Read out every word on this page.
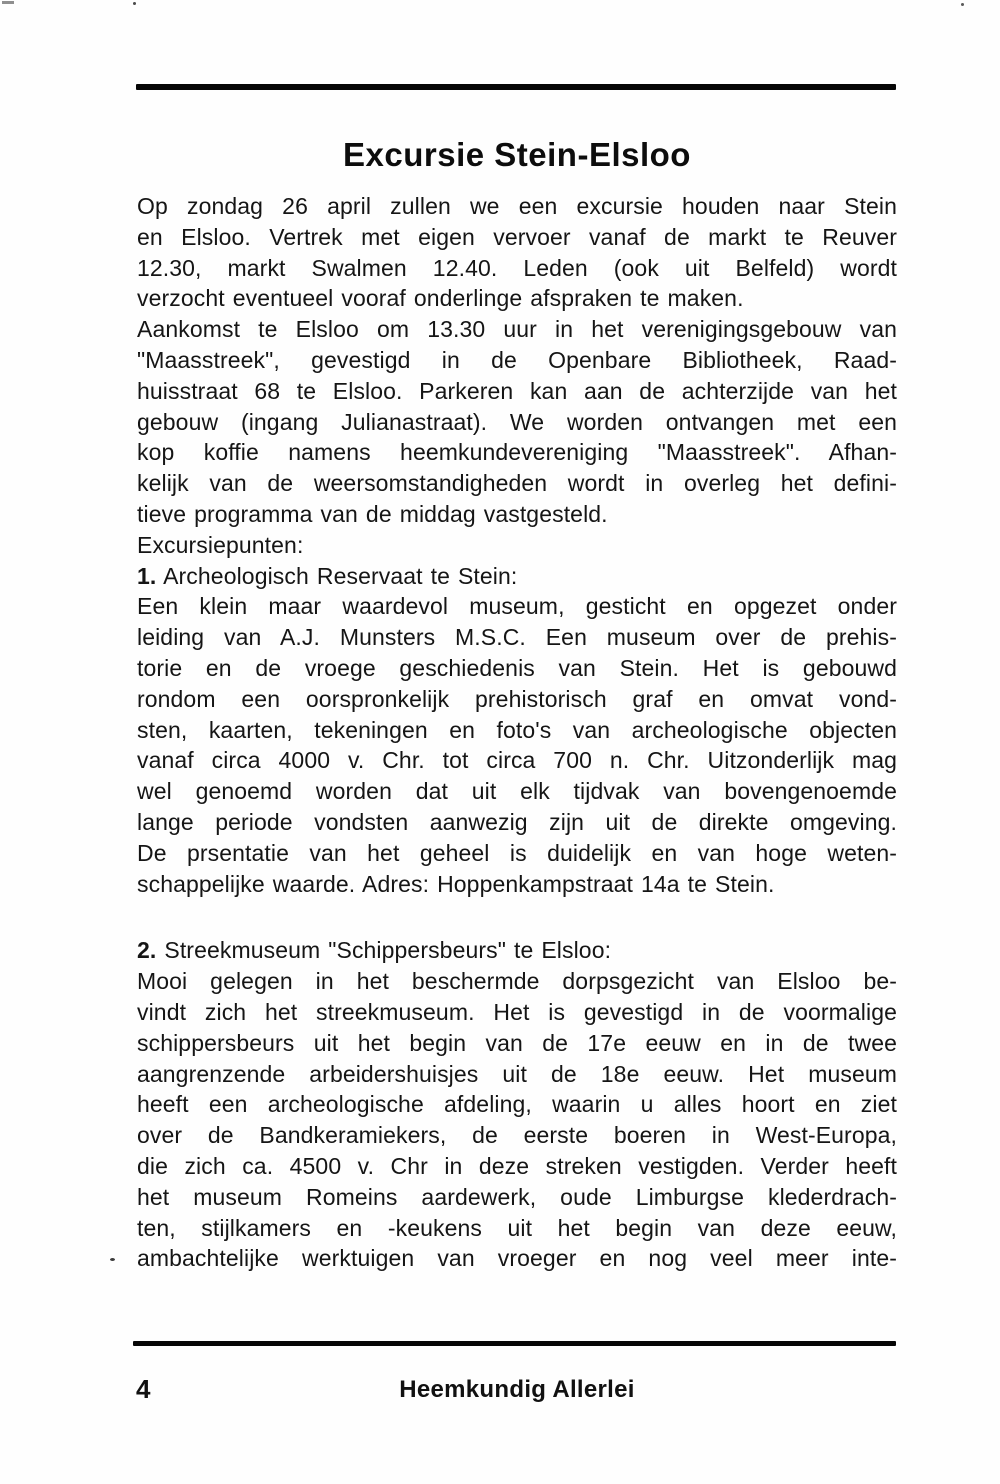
Excursie Stein-Elsloo
Op zondag 26 april zullen we een excursie houden naar Stein
en Elsloo. Vertrek met eigen vervoer vanaf de markt te Reuver
12.30, markt Swalmen 12.40. Leden (ook uit Belfeld) wordt
verzocht eventueel vooraf onderlinge afspraken te maken.
Aankomst te Elsloo om 13.30 uur in het verenigingsgebouw van
"Maasstreek", gevestigd in de Openbare Bibliotheek, Raad-
huisstraat 68 te Elsloo. Parkeren kan aan de achterzijde van het
gebouw (ingang Julianastraat). We worden ontvangen met een
kop koffie namens heemkundevereniging "Maasstreek". Afhan-
kelijk van de weersomstandigheden wordt in overleg het defini-
tieve programma van de middag vastgesteld.
Excursiepunten:
1. Archeologisch Reservaat te Stein:
Een klein maar waardevol museum, gesticht en opgezet onder
leiding van A.J. Munsters M.S.C. Een museum over de prehis-
torie en de vroege geschiedenis van Stein. Het is gebouwd
rondom een oorspronkelijk prehistorisch graf en omvat vond-
sten, kaarten, tekeningen en foto's van archeologische objecten
vanaf circa 4000 v. Chr. tot circa 700 n. Chr. Uitzonderlijk mag
wel genoemd worden dat uit elk tijdvak van bovengenoemde
lange periode vondsten aanwezig zijn uit de direkte omgeving.
De prsentatie van het geheel is duidelijk en van hoge weten-
schappelijke waarde. Adres: Hoppenkampstraat 14a te Stein.
2. Streekmuseum "Schippersbeurs" te Elsloo:
Mooi gelegen in het beschermde dorpsgezicht van Elsloo be-
vindt zich het streekmuseum. Het is gevestigd in de voormalige
schippersbeurs uit het begin van de 17e eeuw en in de twee
aangrenzende arbeidershuisjes uit de 18e eeuw. Het museum
heeft een archeologische afdeling, waarin u alles hoort en ziet
over de Bandkeramiekers, de eerste boeren in West-Europa,
die zich ca. 4500 v. Chr in deze streken vestigden. Verder heeft
het museum Romeins aardewerk, oude Limburgse klederdrach-
ten, stijlkamers en -keukens uit het begin van deze eeuw,
ambachtelijke werktuigen van vroeger en nog veel meer inte-
4	Heemkundig Allerlei
